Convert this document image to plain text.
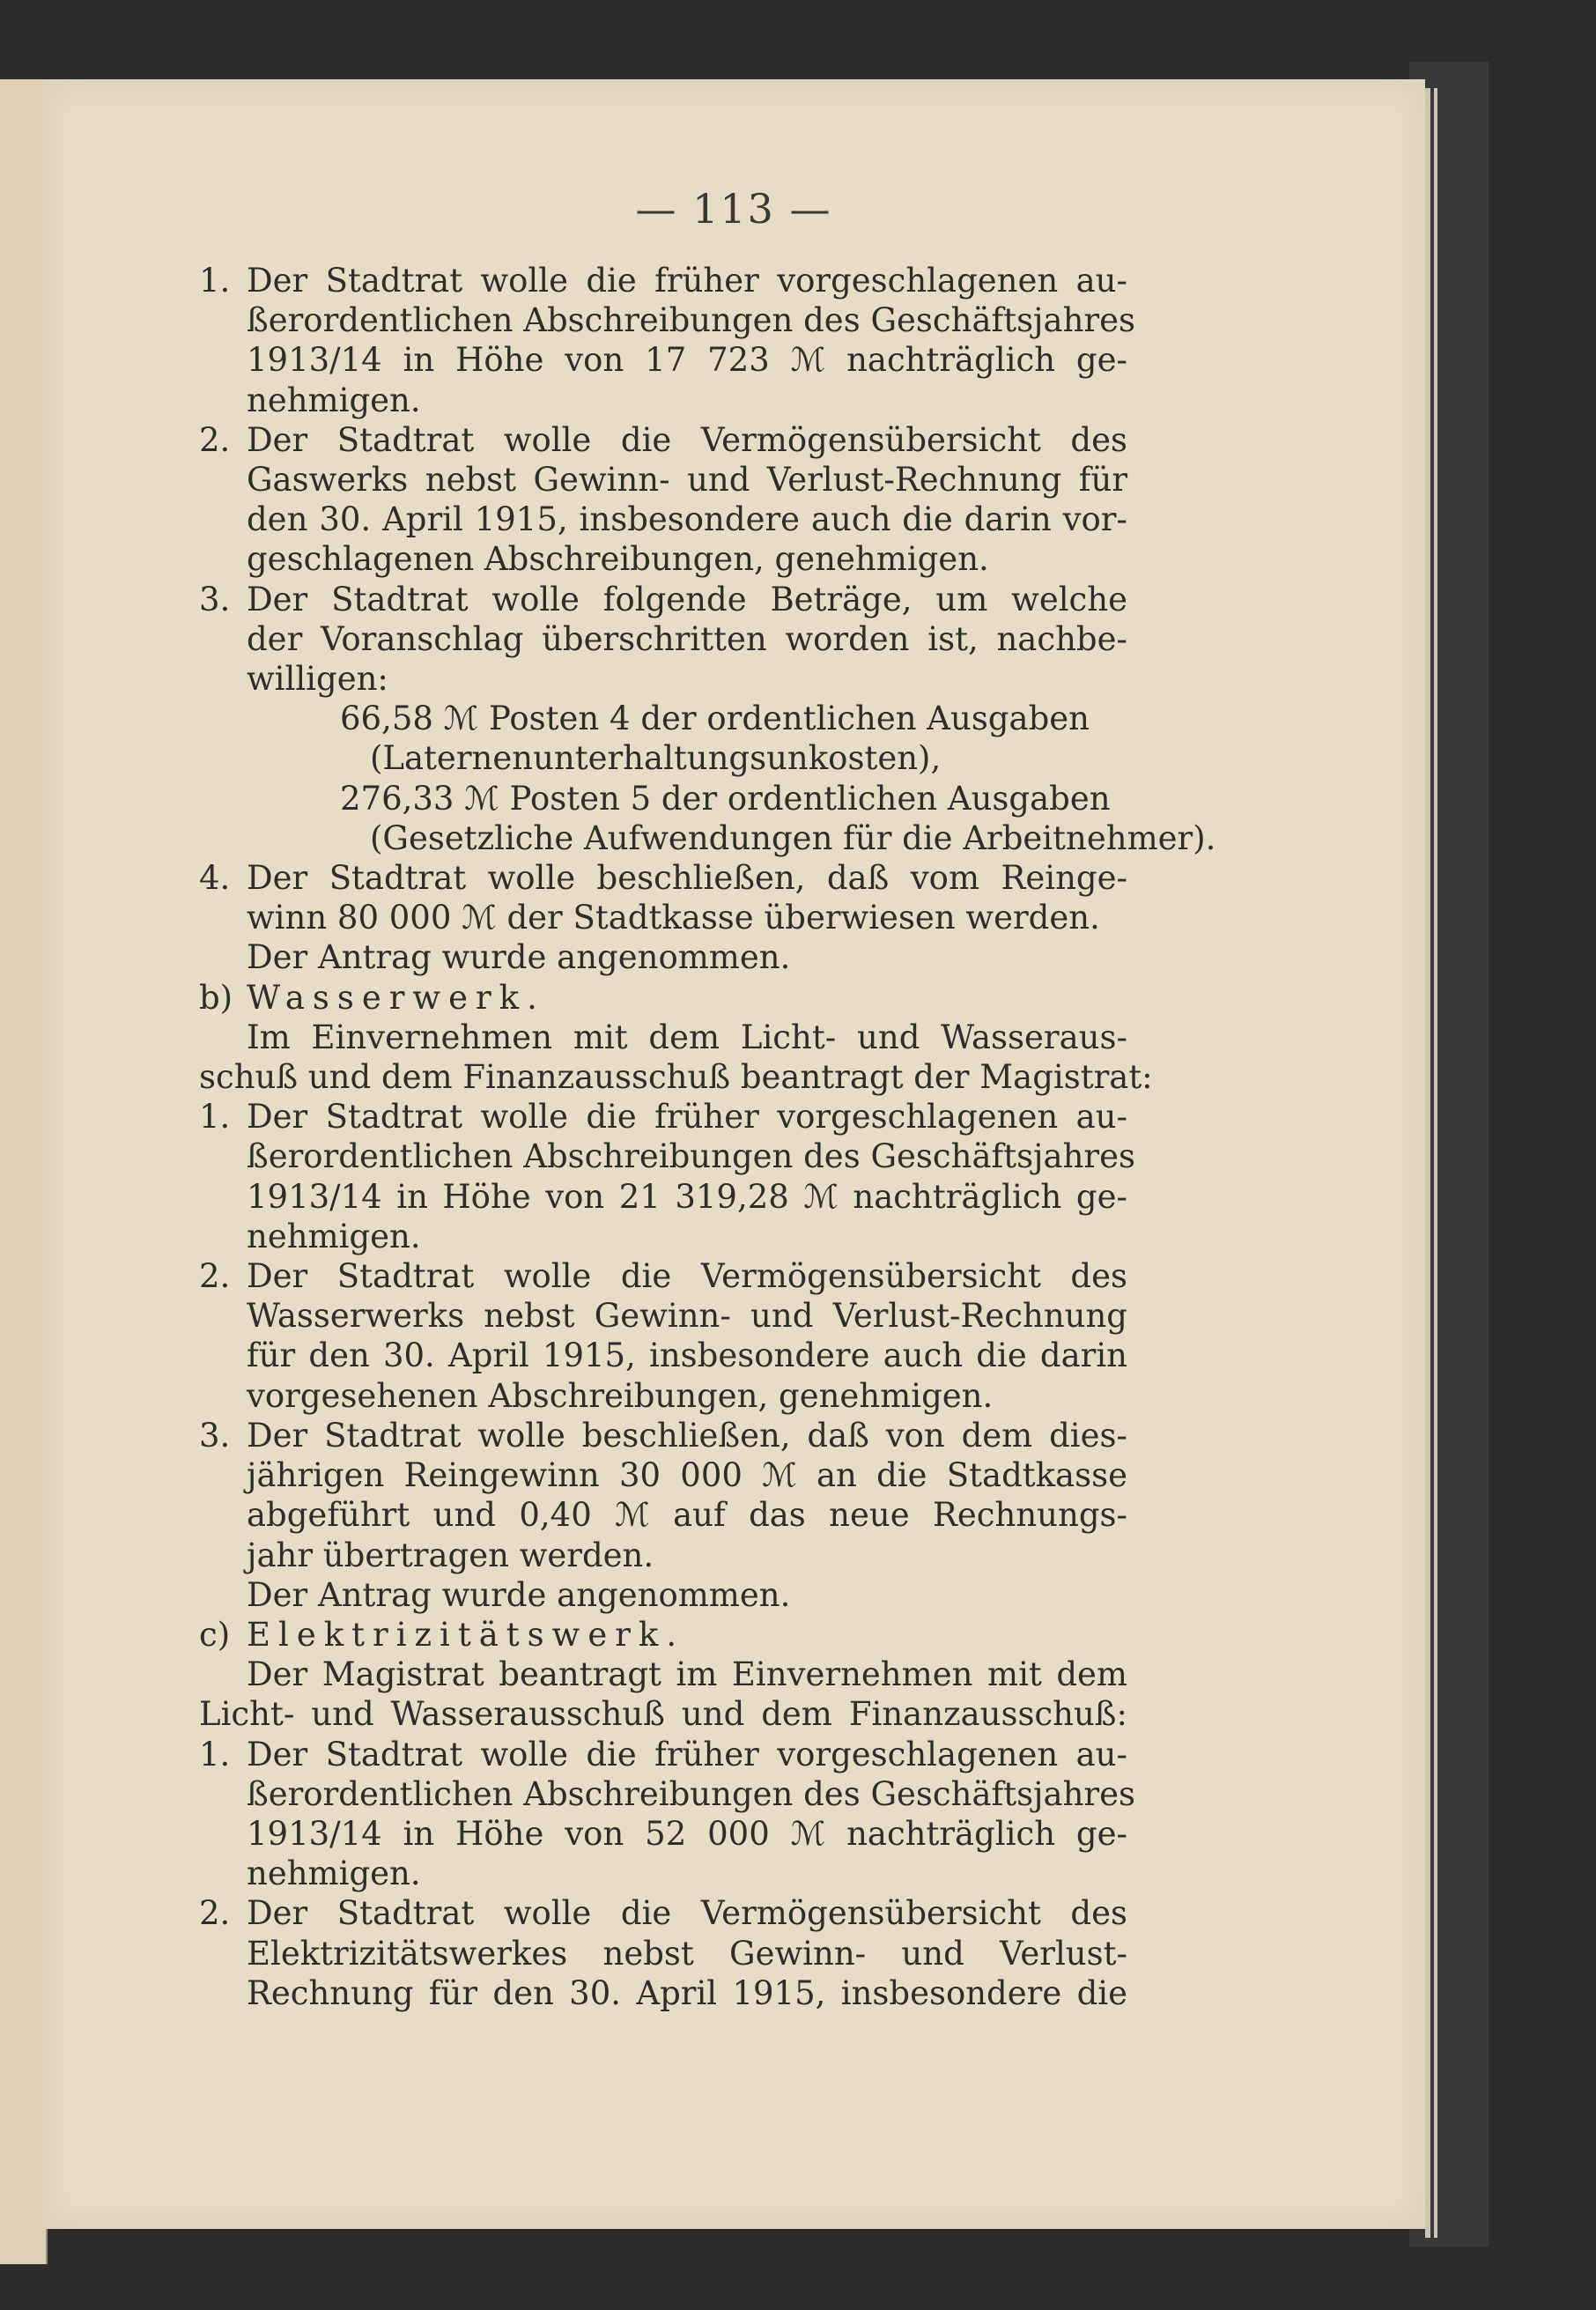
— 113 —
1. Der Stadtrat wolle die früher vorgeschlagenen au-
ßerordentlichen Abschreibungen des Geschäftsjahres
1913/14 in Höhe von 17 723 ℳ nachträglich ge-
nehmigen.
2. Der Stadtrat wolle die Vermögensübersicht des
Gaswerks nebst Gewinn- und Verlust-Rechnung für
den 30. April 1915, insbesondere auch die darin vor-
geschlagenen Abschreibungen, genehmigen.
3. Der Stadtrat wolle folgende Beträge, um welche
der Voranschlag überschritten worden ist, nachbe-
willigen:
66,58 ℳ Posten 4 der ordentlichen Ausgaben
(Laternenunterhaltungsunkosten),
276,33 ℳ Posten 5 der ordentlichen Ausgaben
(Gesetzliche Aufwendungen für die Arbeitnehmer).
4. Der Stadtrat wolle beschließen, daß vom Reinge-
winn 80 000 ℳ der Stadtkasse überwiesen werden.
Der Antrag wurde angenommen.
b) Wasserwerk.
Im Einvernehmen mit dem Licht- und Wasseraus-
schuß und dem Finanzausschuß beantragt der Magistrat:
1. Der Stadtrat wolle die früher vorgeschlagenen au-
ßerordentlichen Abschreibungen des Geschäftsjahres
1913/14 in Höhe von 21 319,28 ℳ nachträglich ge-
nehmigen.
2. Der Stadtrat wolle die Vermögensübersicht des
Wasserwerks nebst Gewinn- und Verlust-Rechnung
für den 30. April 1915, insbesondere auch die darin
vorgesehenen Abschreibungen, genehmigen.
3. Der Stadtrat wolle beschließen, daß von dem dies-
jährigen Reingewinn 30 000 ℳ an die Stadtkasse
abgeführt und 0,40 ℳ auf das neue Rechnungs-
jahr übertragen werden.
Der Antrag wurde angenommen.
c) Elektrizitätswerk.
Der Magistrat beantragt im Einvernehmen mit dem
Licht- und Wasserausschuß und dem Finanzausschuß:
1. Der Stadtrat wolle die früher vorgeschlagenen au-
ßerordentlichen Abschreibungen des Geschäftsjahres
1913/14 in Höhe von 52 000 ℳ nachträglich ge-
nehmigen.
2. Der Stadtrat wolle die Vermögensübersicht des
Elektrizitätswerkes nebst Gewinn- und Verlust-
Rechnung für den 30. April 1915, insbesondere die
